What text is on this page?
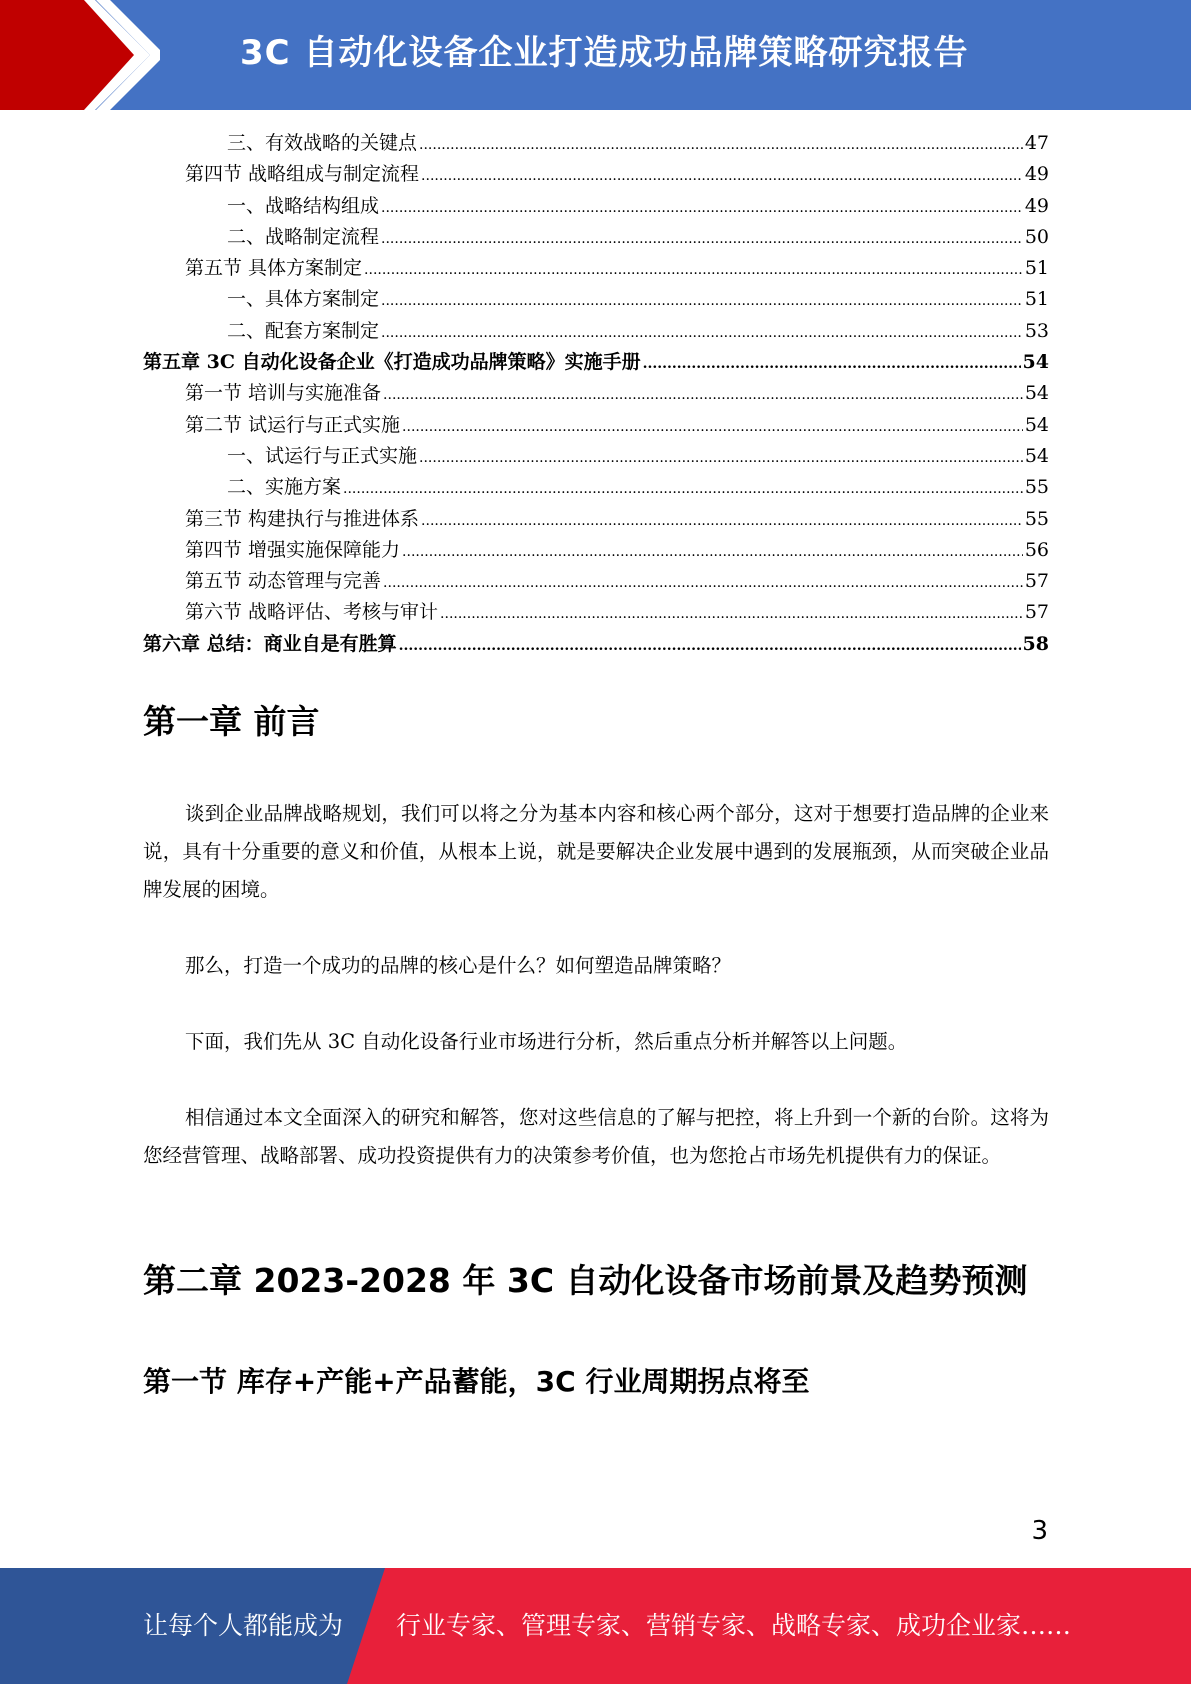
3C 自动化设备企业打造成功品牌策略研究报告
三、有效战略的关键点 .....	47
第四节 战略组成与制定流程 .....	49
一、战略结构组成 .....	49
二、战略制定流程 .....	50
第五节 具体方案制定 .....	51
一、具体方案制定 .....	51
二、配套方案制定 .....	53
第五章 3C 自动化设备企业《打造成功品牌策略》实施手册 .....	54
第一节 培训与实施准备 .....	54
第二节 试运行与正式实施 .....	54
一、试运行与正式实施 .....	54
二、实施方案 .....	55
第三节 构建执行与推进体系 .....	55
第四节 增强实施保障能力 .....	56
第五节 动态管理与完善 .....	57
第六节 战略评估、考核与审计 .....	57
第六章 总结：商业自是有胜算 .....	58
第一章 前言

谈到企业品牌战略规划，我们可以将之分为基本内容和核心两个部分，这对于想要打造品牌的企业来说，具有十分重要的意义和价值，从根本上说，就是要解决企业发展中遇到的发展瓶颈，从而突破企业品牌发展的困境。

那么，打造一个成功的品牌的核心是什么？如何塑造品牌策略？

下面，我们先从 3C 自动化设备行业市场进行分析，然后重点分析并解答以上问题。

相信通过本文全面深入的研究和解答，您对这些信息的了解与把控，将上升到一个新的台阶。这将为您经营管理、战略部署、成功投资提供有力的决策参考价值，也为您抢占市场先机提供有力的保证。

第二章 2023-2028 年 3C 自动化设备市场前景及趋势预测
第一节 库存+产能+产品蓄能，3C 行业周期拐点将至
3
让每个人都能成为 行业专家、管理专家、营销专家、战略专家、成功企业家……
